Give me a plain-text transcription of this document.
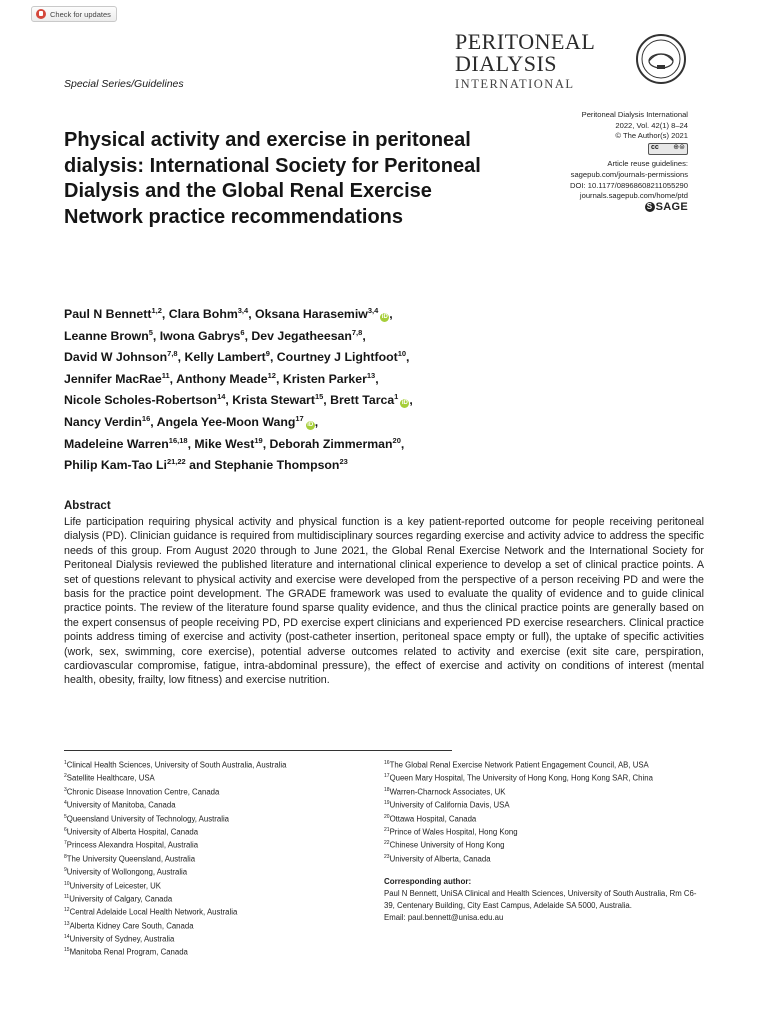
Check for updates
Special Series/Guidelines
PERITONEAL
DIALYSIS
INTERNATIONAL
Peritoneal Dialysis International
2022, Vol. 42(1) 8–24
© The Author(s) 2021
cc ⊕⊜
Article reuse guidelines:
sagepub.com/journals-permissions
DOI: 10.1177/08968608211055290
journals.sagepub.com/home/ptd
S SAGE
Physical activity and exercise in peritoneal dialysis: International Society for Peritoneal Dialysis and the Global Renal Exercise Network practice recommendations
Paul N Bennett$^{1,2}$, Clara Bohm$^{3,4}$, Oksana Harasemiw$^{3,4}$iD ,
Leanne Brown$^5$, Iwona Gabrys$^6$, Dev Jegatheesan$^{7,8}$,
David W Johnson$^{7,8}$, Kelly Lambert$^9$, Courtney J Lightfoot$^{10}$,
Jennifer MacRae$^{11}$, Anthony Meade$^{12}$, Kristen Parker$^{13}$,
Nicole Scholes-Robertson$^{14}$, Krista Stewart$^{15}$, Brett Tarca$^1$iD ,
Nancy Verdin$^{16}$, Angela Yee-Moon Wang$^{17}$iD ,
Madeleine Warren$^{16,18}$, Mike West$^{19}$, Deborah Zimmerman$^{20}$,
Philip Kam-Tao Li$^{21,22}$ and Stephanie Thompson$^{23}$
Abstract
Life participation requiring physical activity and physical function is a key patient-reported outcome for people receiving peritoneal dialysis (PD). Clinician guidance is required from multidisciplinary sources regarding exercise and activity advice to address the specific needs of this group. From August 2020 through to June 2021, the Global Renal Exercise Network and the International Society for Peritoneal Dialysis reviewed the published literature and international clinical experience to develop a set of clinical practice points. A set of questions relevant to physical activity and exercise were developed from the perspective of a person receiving PD and were the basis for the practice point development. The GRADE framework was used to evaluate the quality of evidence and to guide clinical practice points. The review of the literature found sparse quality evidence, and thus the clinical practice points are generally based on the expert consensus of people receiving PD, PD exercise expert clinicians and experienced PD exercise researchers. Clinical practice points address timing of exercise and activity (post-catheter insertion, peritoneal space empty or full), the uptake of specific activities (work, sex, swimming, core exercise), potential adverse outcomes related to activity and exercise (exit site care, perspiration, cardiovascular compromise, fatigue, intra-abdominal pressure), the effect of exercise and activity on conditions of interest (mental health, obesity, frailty, low fitness) and exercise nutrition.
$^1$Clinical Health Sciences, University of South Australia, Australia
$^2$Satellite Healthcare, USA
$^3$Chronic Disease Innovation Centre, Canada
$^4$University of Manitoba, Canada
$^5$Queensland University of Technology, Australia
$^6$University of Alberta Hospital, Canada
$^7$Princess Alexandra Hospital, Australia
$^8$The University Queensland, Australia
$^9$University of Wollongong, Australia
$^{10}$University of Leicester, UK
$^{11}$University of Calgary, Canada
$^{12}$Central Adelaide Local Health Network, Australia
$^{13}$Alberta Kidney Care South, Canada
$^{14}$University of Sydney, Australia
$^{15}$Manitoba Renal Program, Canada
$^{16}$The Global Renal Exercise Network Patient Engagement Council, AB, USA
$^{17}$Queen Mary Hospital, The University of Hong Kong, Hong Kong SAR, China
$^{18}$Warren-Charnock Associates, UK
$^{19}$University of California Davis, USA
$^{20}$Ottawa Hospital, Canada
$^{21}$Prince of Wales Hospital, Hong Kong
$^{22}$Chinese University of Hong Kong
$^{23}$University of Alberta, Canada
Corresponding author:
Paul N Bennett, UniSA Clinical and Health Sciences, University of South Australia, Rm C6-39, Centenary Building, City East Campus, Adelaide SA 5000, Australia.
Email: paul.bennett@unisa.edu.au
